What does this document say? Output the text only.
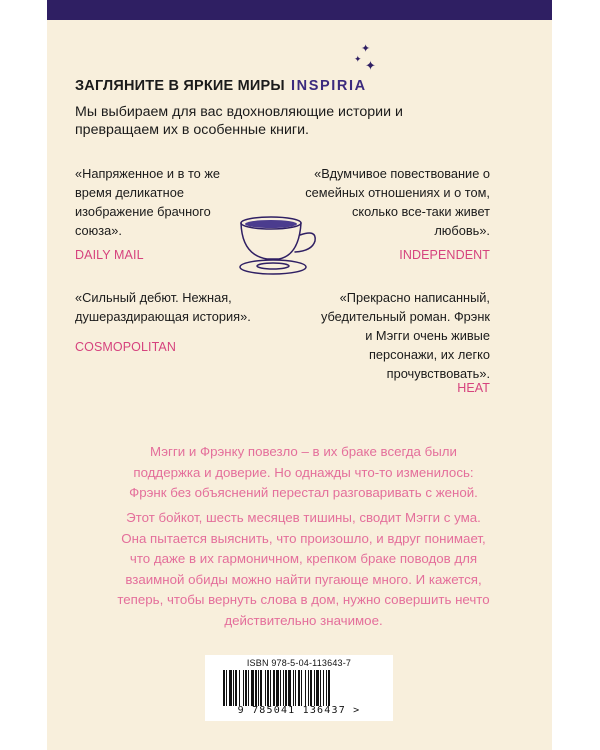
✦
✦ ✦
ЗАГЛЯНИТЕ В ЯРКИЕ МИРЫ INSPIRIA
Мы выбираем для вас вдохновляющие истории и превращаем их в особенные книги.
«Напряженное и в то же время деликатное изображение брачного союза».
DAILY MAIL
«Вдумчивое повествование о семейных отношениях и о том, сколько все-таки живет любовь».
INDEPENDENT
«Сильный дебют. Нежная, душераздирающая история».
COSMOPOLITAN
«Прекрасно написанный, убедительный роман. Фрэнк и Мэгги очень живые персонажи, их легко прочувствовать».
HEAT
Мэгги и Фрэнку повезло – в их браке всегда были поддержка и доверие. Но однажды что-то изменилось: Фрэнк без объяснений перестал разговаривать с женой.
Этот бойкот, шесть месяцев тишины, сводит Мэгги с ума. Она пытается выяснить, что произошло, и вдруг понимает, что даже в их гармоничном, крепком браке поводов для взаимной обиды можно найти пугающе много. И кажется, теперь, чтобы вернуть слова в дом, нужно совершить нечто действительно значимое.
ISBN 978-5-04-113643-7
9 785041 136437 >
